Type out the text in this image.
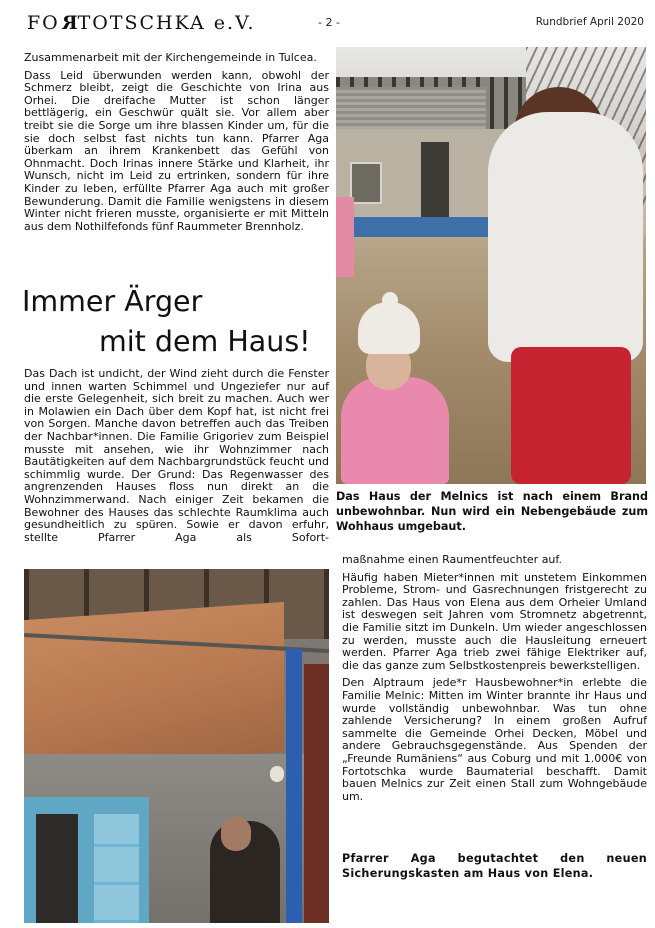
FORTOTSCHKA e.V.	- 2 -	Rundbrief April 2020

Zusammenarbeit mit der Kirchengemeinde in Tulcea.

Dass Leid überwunden werden kann, obwohl der Schmerz bleibt, zeigt die Geschichte von Irina aus Orhei. Die dreifache Mutter ist schon länger bettlägerig, ein Geschwür quält sie. Vor allem aber treibt sie die Sorge um ihre blassen Kinder um, für die sie doch selbst fast nichts tun kann. Pfarrer Aga überkam an ihrem Krankenbett das Gefühl von Ohnmacht. Doch Irinas innere Stärke und Klarheit, ihr Wunsch, nicht im Leid zu ertrinken, sondern für ihre Kinder zu leben, erfüllte Pfarrer Aga auch mit großer Bewunderung. Damit die Familie wenigstens in diesem Winter nicht frieren musste, organisierte er mit Mitteln aus dem Nothilfefonds fünf Raummeter Brennholz.

Immer Ärger
mit dem Haus!

Das Dach ist undicht, der Wind zieht durch die Fenster und innen warten Schimmel und Ungeziefer nur auf die erste Gelegenheit, sich breit zu machen. Auch wer in Molawien ein Dach über dem Kopf hat, ist nicht frei von Sorgen. Manche davon betreffen auch das Treiben der Nachbar*innen. Die Familie Grigoriev zum Beispiel musste mit ansehen, wie ihr Wohnzimmer nach Bautätigkeiten auf dem Nachbargrundstück feucht und schimmlig wurde. Der Grund: Das Regenwasser des angrenzenden Hauses floss nun direkt an die Wohnzimmerwand. Nach einiger Zeit bekamen die Bewohner des Hauses das schlechte Raumklima auch gesundheitlich zu spüren. Sowie er davon erfuhr, stellte Pfarrer Aga als Sofort-

Das Haus der Melnics ist nach einem Brand unbewohnbar. Nun wird ein Nebengebäude zum Wohhaus umgebaut.

maßnahme einen Raumentfeuchter auf.

Häufig haben Mieter*innen mit unstetem Einkommen Probleme, Strom- und Gasrechnungen fristgerecht zu zahlen. Das Haus von Elena aus dem Orheier Umland ist deswegen seit Jahren vom Stromnetz abgetrennt, die Familie sitzt im Dunkeln. Um wieder angeschlossen zu werden, musste auch die Hausleitung erneuert werden. Pfarrer Aga trieb zwei fähige Elektriker auf, die das ganze zum Selbstkostenpreis bewerkstelligen.

Den Alptraum jede*r Hausbewohner*in erlebte die Familie Melnic: Mitten im Winter brannte ihr Haus und wurde vollständig unbewohnbar. Was tun ohne zahlende Versicherung? In einem großen Aufruf sammelte die Gemeinde Orhei Decken, Möbel und andere Gebrauchsgegenstände. Aus Spenden der „Freunde Rumäniens“ aus Coburg und mit 1.000€ von Fortotschka wurde Baumaterial beschafft. Damit bauen Melnics zur Zeit einen Stall zum Wohngebäude um.

Pfarrer Aga begutachtet den neuen Sicherungskasten am Haus von Elena.
